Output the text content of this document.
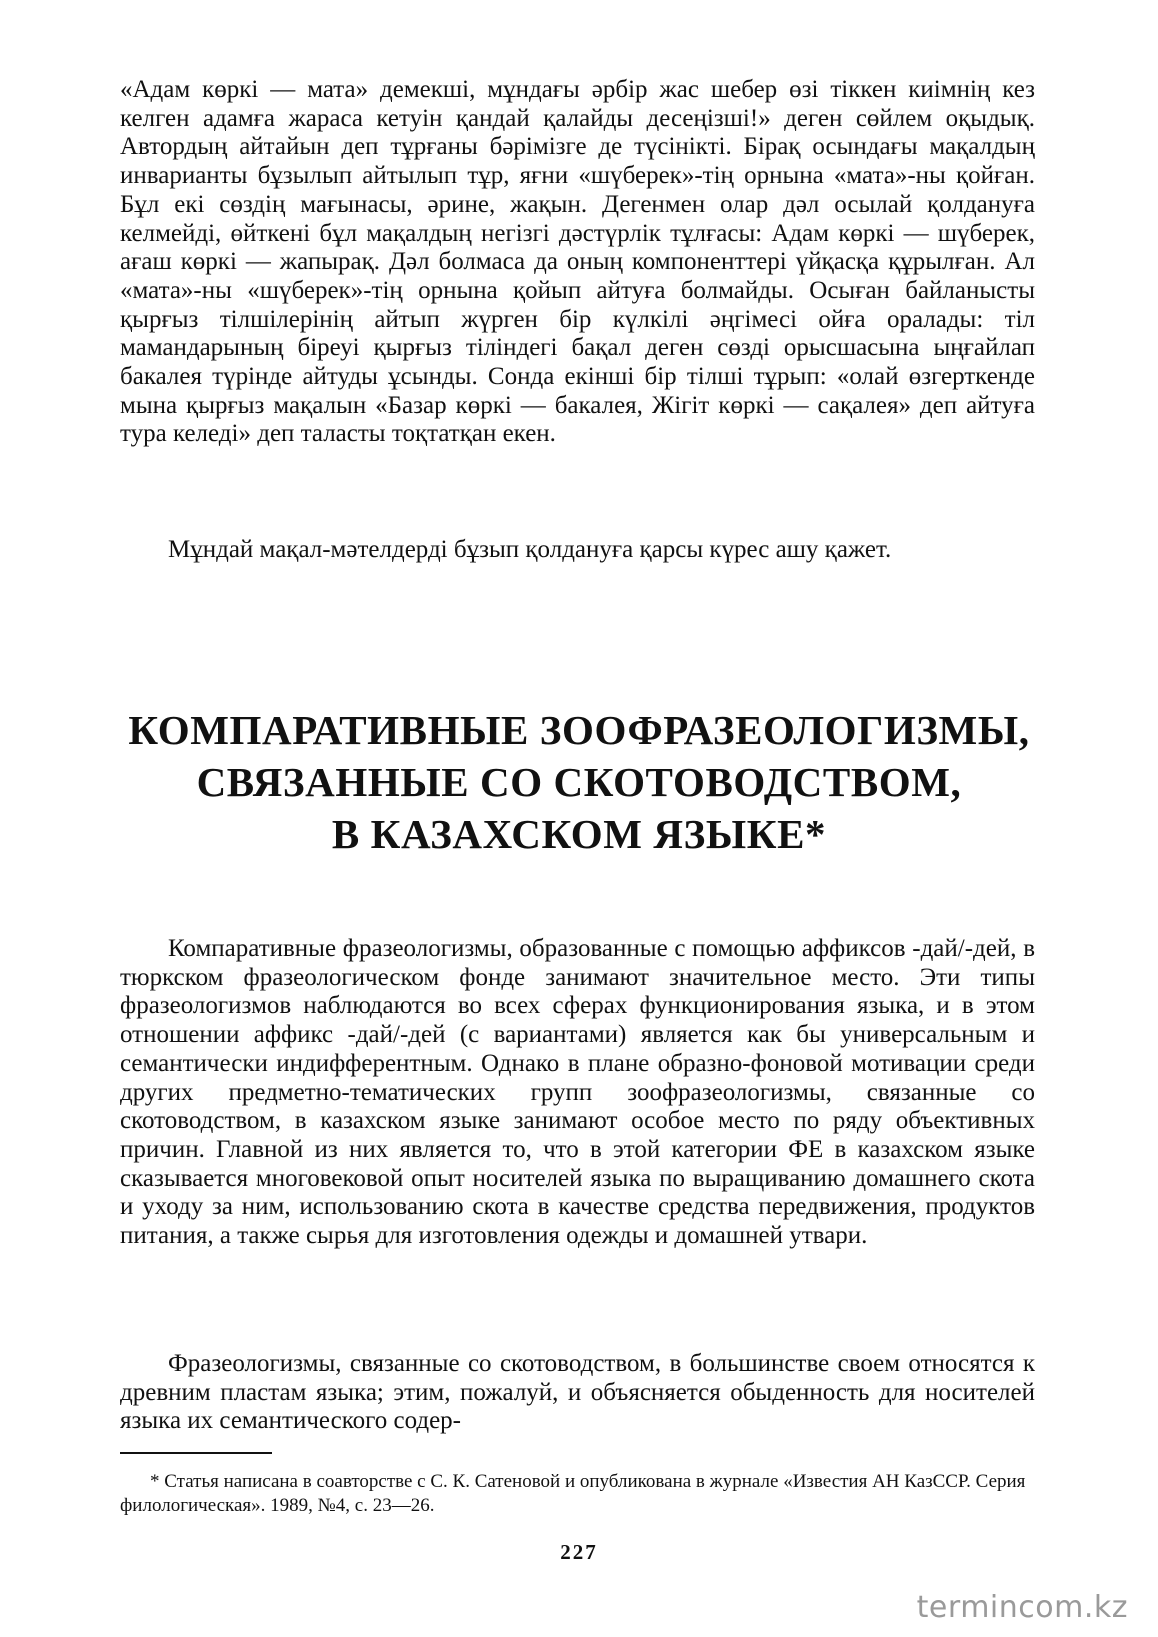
«Адам көркі — мата» демекші, мұндағы әрбір жас шебер өзі тіккен киімнің кез келген адамға жараса кетуін қандай қалайды десеңізші!» деген сөйлем оқыдық. Автордың айтайын деп тұрғаны бәрімізге де түсінікті. Бірақ осындағы мақалдың инварианты бұзылып айтылып тұр, яғни «шүберек»-тің орнына «мата»-ны қойған. Бұл екі сөздің мағынасы, әрине, жақын. Дегенмен олар дәл осылай қолдануға келмейді, өйткені бұл мақалдың негізгі дәстүрлік тұлғасы: Адам көркі — шүберек, ағаш көркі — жапырақ. Дәл болмаса да оның компоненттері үйқасқа құрылған. Ал «мата»-ны «шүберек»-тің орнына қойып айтуға болмайды. Осыған байланысты қырғыз тілшілерінің айтып жүрген бір күлкілі әңгімесі ойға оралады: тіл мамандарының біреуі қырғыз тіліндегі бақал деген сөзді орысшасына ыңғайлап бакалея түрінде айтуды ұсынды. Сонда екінші бір тілші тұрып: «олай өзгерткенде мына қырғыз мақалын «Базар көркі — бакалея, Жігіт көркі — сақалея» деп айтуға тура келеді» деп таласты тоқтатқан екен.

Мұндай мақал-мәтелдерді бұзып қолдануға қарсы күрес ашу қажет.

КОМПАРАТИВНЫЕ ЗООФРАЗЕОЛОГИЗМЫ,
СВЯЗАННЫЕ СО СКОТОВОДСТВОМ,
В КАЗАХСКОМ ЯЗЫКЕ*

Компаративные фразеологизмы, образованные с помощью аффиксов -дай/-дей, в тюркском фразеологическом фонде занимают значительное место. Эти типы фразеологизмов наблюдаются во всех сферах функционирования языка, и в этом отношении аффикс -дай/-дей (с вариантами) является как бы универсальным и семантически индифферентным. Однако в плане образно-фоновой мотивации среди других предметно-тематических групп зоофразеологизмы, связанные со скотоводством, в казахском языке занимают особое место по ряду объективных причин. Главной из них является то, что в этой категории ФЕ в казахском языке сказывается многовековой опыт носителей языка по выращиванию домашнего скота и уходу за ним, использованию скота в качестве средства передвижения, продуктов питания, а также сырья для изготовления одежды и домашней утвари.

Фразеологизмы, связанные со скотоводством, в большинстве своем относятся к древним пластам языка; этим, пожалуй, и объясняется обыденность для носителей языка их семантического содер-

* Статья написана в соавторстве с С. К. Сатеновой и опубликована в журнале «Известия АН КазССР. Серия филологическая». 1989, №4, с. 23—26.

227
termincom.kz
